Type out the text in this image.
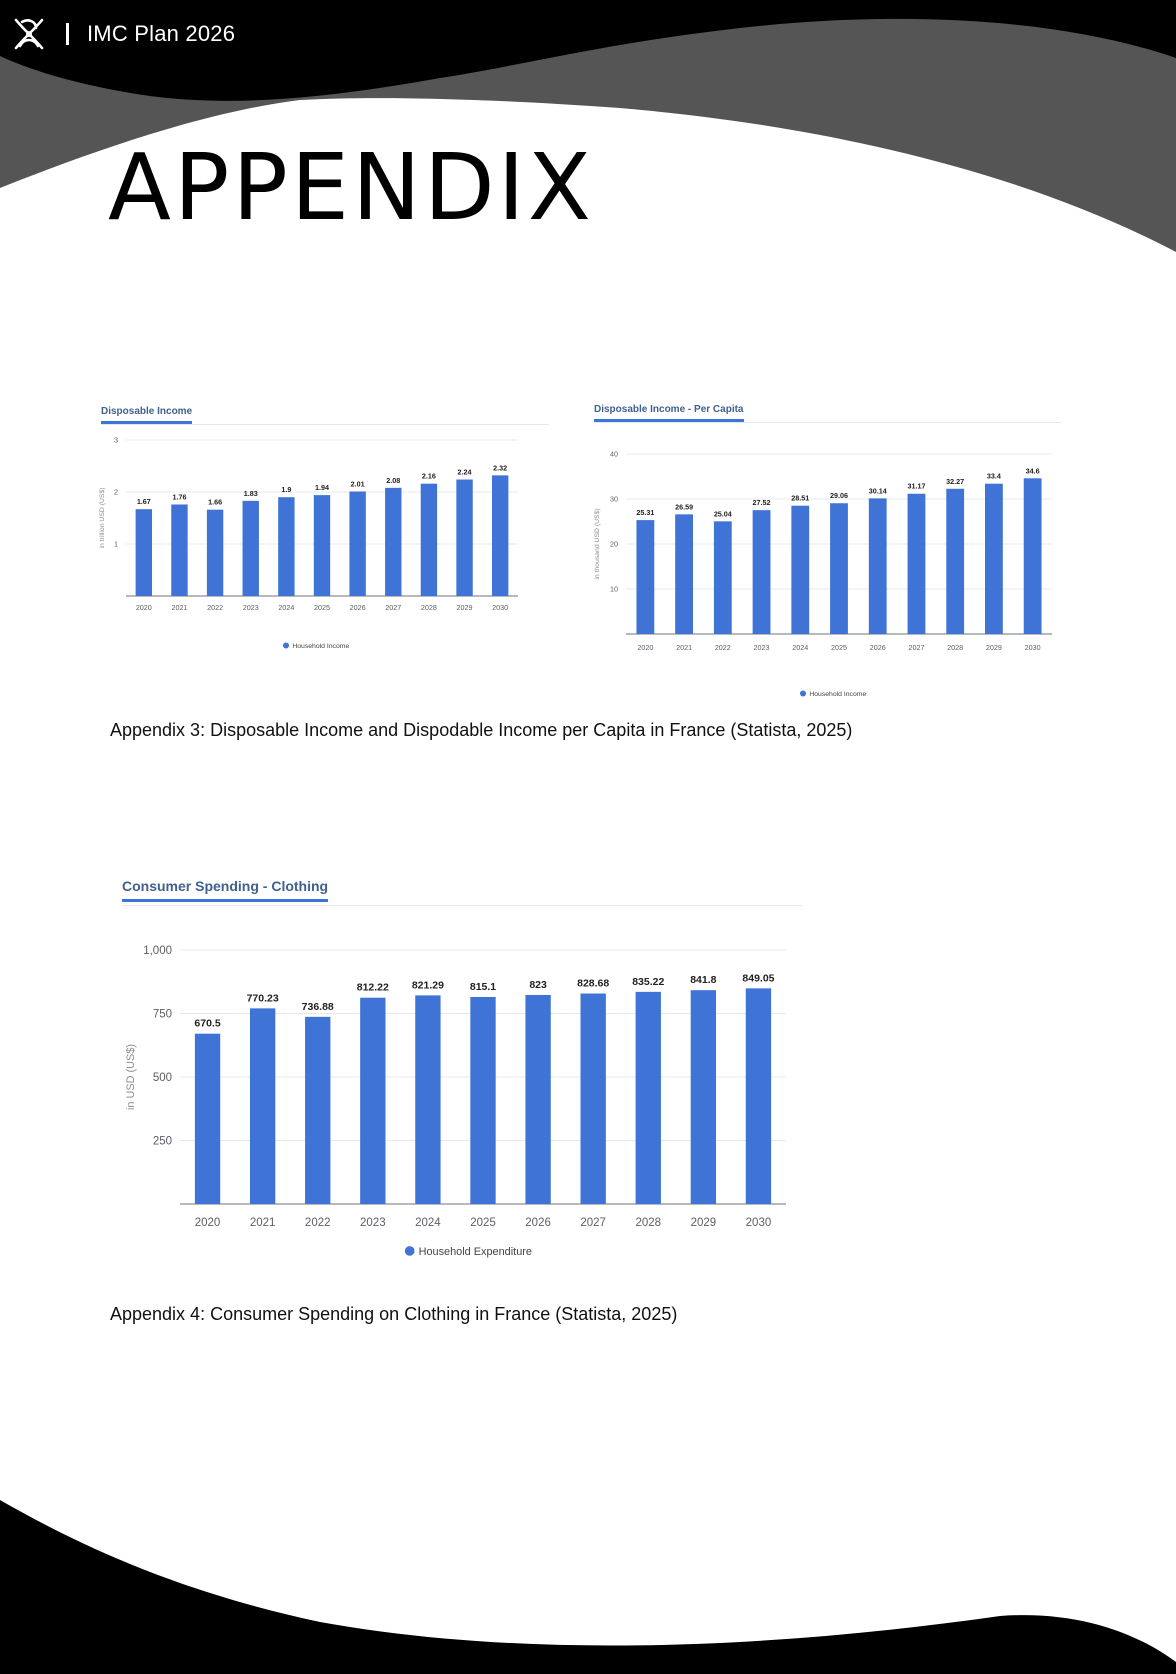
IMC Plan 2026
APPENDIX
Disposable Income
1
2
3
in trillion USD (US$)	1.67
2020
1.76
2021
1.66
2022
1.83
2023
1.9
2024
1.94
2025
2.01
2026
2.08
2027
2.16
2028
2.24
2029
2.32
2030
Household Income
Disposable Income - Per Capita
10
20
30
40
in thousand USD (US$)	25.31
2020
26.59
2021
25.04
2022
27.52
2023
28.51
2024
29.06
2025
30.14
2026
31.17
2027
32.27
2028
33.4
2029
34.6
2030
Household Income

Appendix 3: Disposable Income and Dispodable Income per Capita in France (Statista, 2025)

Consumer Spending - Clothing
250
500
750
1,000
in USD (US$)
670.5
2020
770.23
2021
736.88
2022
812.22
2023
821.29
2024
815.1
2025
823
2026
828.68
2027
835.22
2028
841.8
2029
849.05
2030
Household Expenditure

Appendix 4: Consumer Spending on Clothing in France (Statista, 2025)
